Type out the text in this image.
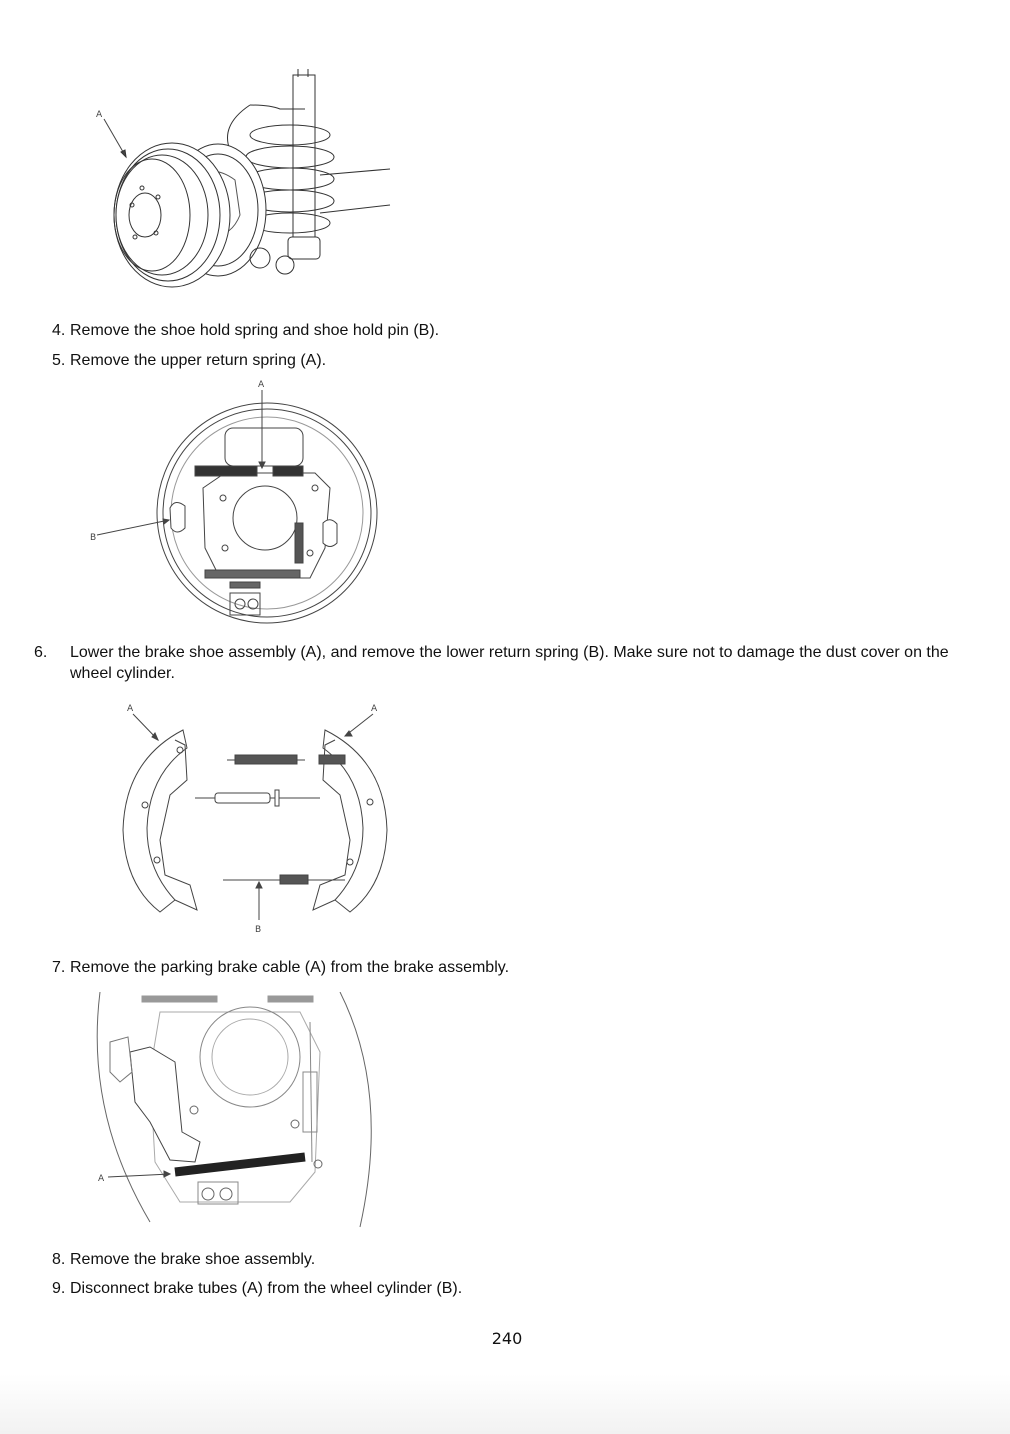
A

4. Remove the shoe hold spring and shoe hold pin (B).

5. Remove the upper return spring (A).

A
B

6. Lower the brake shoe assembly (A), and remove the lower return spring (B). Make sure not to damage the dust cover on the wheel cylinder.

A	A
B

7. Remove the parking brake cable (A) from the brake assembly.

A

8. Remove the brake shoe assembly.

9. Disconnect brake tubes (A) from the wheel cylinder (B).

240
